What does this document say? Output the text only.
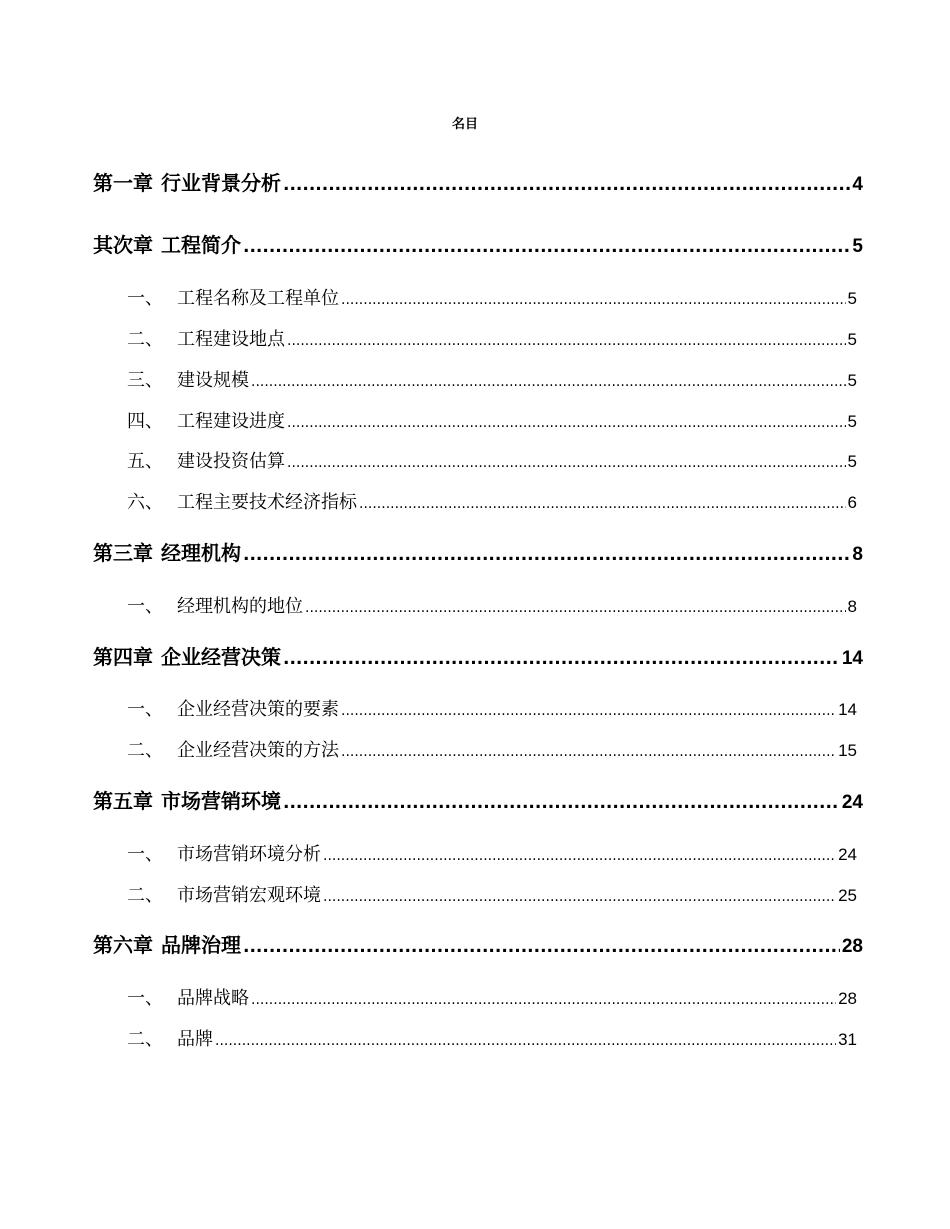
名目
第一章 行业背景分析 .....	4
其次章 工程简介 .....	5
一、 工程名称及工程单位 .....	5
二、 工程建设地点 .....	5
三、 建设规模 .....	5
四、 工程建设进度 .....	5
五、 建设投资估算 .....	5
六、 工程主要技术经济指标 .....	6
第三章 经理机构 .....	8
一、 经理机构的地位 .....	8
第四章 企业经营决策 .....	14
一、 企业经营决策的要素 .....	14
二、 企业经营决策的方法 .....	15
第五章 市场营销环境 .....	24
一、 市场营销环境分析 .....	24
二、 市场营销宏观环境 .....	25
第六章 品牌治理 .....	28
一、 品牌战略 .....	28
二、 品牌 .....	31
